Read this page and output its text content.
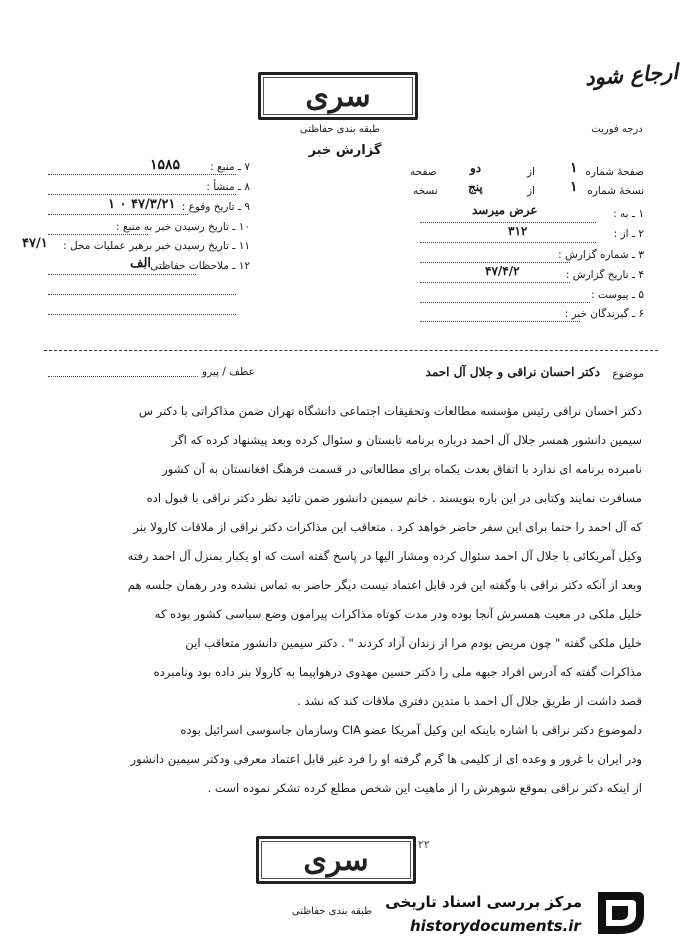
سری
طبقه بندی حفاظتی
ارجاع شود
درجه فوریت
گزارش خبر
۷ ـ منبع :
۱۵۸۵
۸ ـ منشأ :
۹ ـ تاریخ وقوع :
۴۷/۳/۲۱ ۰ ۱
۱۰ ـ تاریخ رسیدن خبر به منبع :
۱۱ ـ تاریخ رسیدن خبر برهبر عملیات محل :
۴۷/۱
۱۲ ـ ملاحظات حفاظتی :
الف
صفحهٔ شماره
۱
از
دو
صفحه
نسخهٔ شماره
۱
از
پنج
نسخه
۱ ـ به :
عرض میرسد
۲ ـ از :
۳۱۲
۳ ـ شماره گزارش :
۴ ـ تاریخ گزارش :
۴۷/۴/۲
۵ ـ پیوست :
۶ ـ گیرندگان خبر :
موضوع
دکتر احسان نراقی و جلال آل احمد
عطف / پیرو
دکتر احسان نراقی رئیس مؤسسه مطالعات وتحقیقات اجتماعی دانشگاه تهران ضمن مذاکراتی با دکتر س
سیمین دانشور همسر جلال آل احمد درباره برنامه تابستان و سئوال کرده وبعد پیشنهاد کرده که اگر
نامبرده برنامه ای ندارد با اتفاق بعدت یکماه برای مطالعاتی در قسمت فرهنگ افغانستان به آن کشور
مسافرت نمایند وکتابی در این باره بنویسند . خانم سیمین دانشور ضمن تائید نظر دکتر نراقی با قبول اده
که آل احمد را حتما برای این سفر حاضر خواهد کرد . متعاقب این مذاکرات دکتر نراقی از ملاقات کارولا بنر
وکیل آمریکائی با جلال آل احمد سئوال کرده ومشار الیها در پاسخ گفته است که او یکبار بمنزل آل احمد رفته
وبعد از آنکه دکتر نراقی با وگفته این فرد قابل اعتماد نیست دیگر حاضر به تماس نشده ودر رهمان جلسه هم
خلیل ملکی در معیت همسرش آنجا بوده ودر مدت کوتاه مذاکرات پیرامون وضع سیاسی کشور بوده که
خلیل ملکی گفته " چون مریض بودم مرا از زندان آزاد کردند " . دکتر سیمین دانشور متعاقب این
مذاکرات گفته که آدرس افراد جبهه ملی را دکتر حسین مهدوی درهواپیما به کارولا بنر داده بود ونامبرده
قصد داشت از طریق جلال آل احمد با متدین دفتری ملاقات کند که نشد .
دلموضوع دکتر نراقی با اشاره باینکه این وکیل آمریکا عضو CIA وسازمان جاسوسی اسرائیل بوده
ودر ایران با غرور و وعده ای از کلیمی ها گرم گرفته او را فرد غیر قابل اعتماد معرفی ودکتر سیمین دانشور
از اینکه دکتر نراقی بموقع شوهرش را از ماهیت این شخص مطلع کرده تشکر نموده است .
۱۲۲
سری
طبقه بندی حفاظتی
مرکز بررسی اسناد تاریخی
historydocuments.ir
